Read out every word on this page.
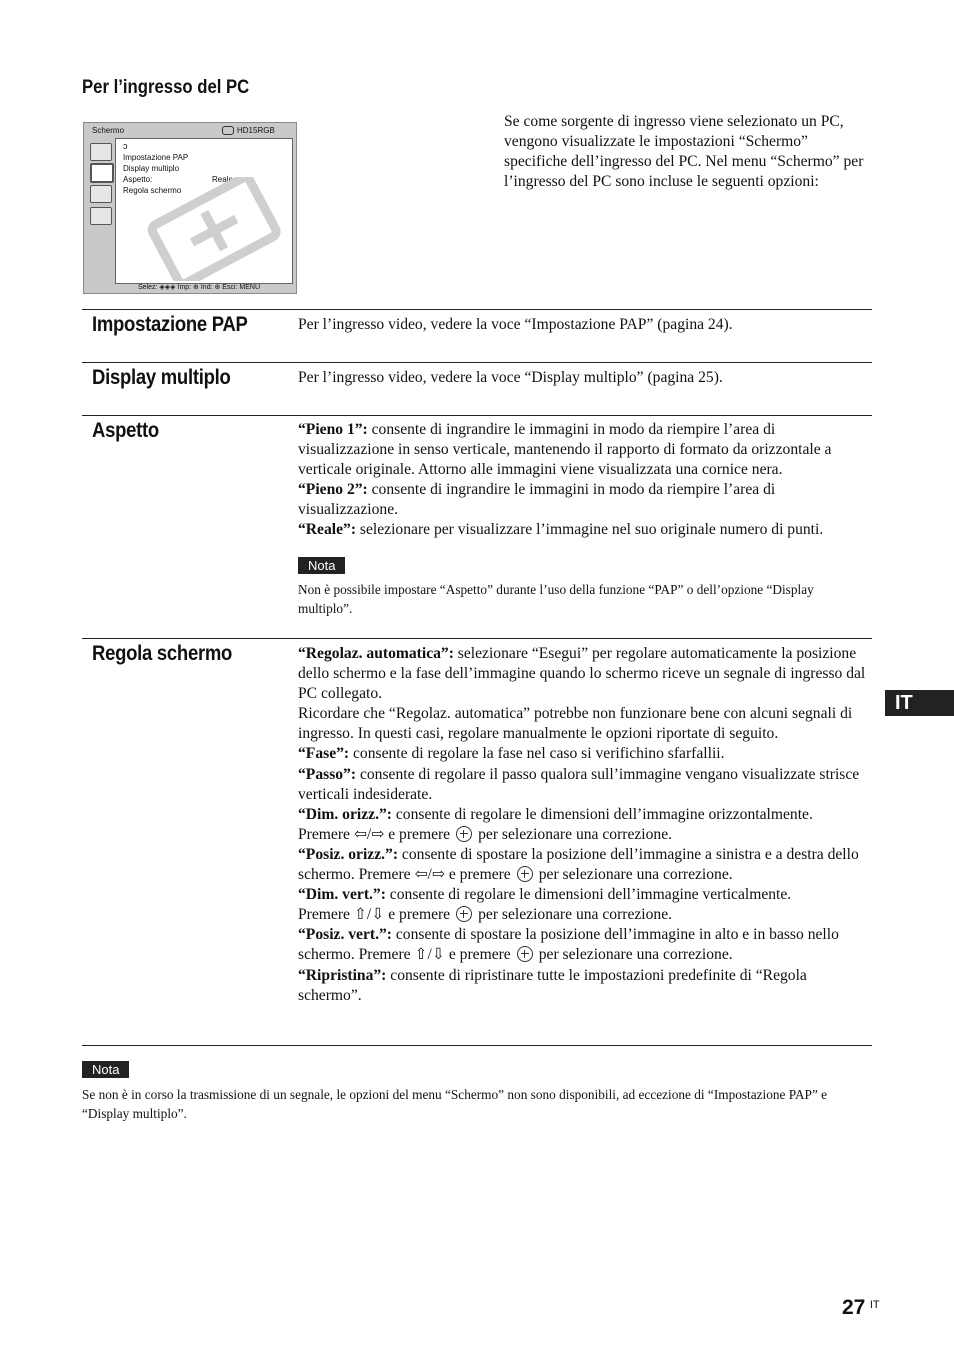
Per l’ingresso del PC
Schermo	HD15RGB
ↄ
Impostazione PAP
Display multiplo
Aspetto:	Reale
Regola schermo
Selez: ◈◈◈ Imp: ⊕ Ind: ⊕ Esci: MENU
Se come sorgente di ingresso viene selezionato un PC, vengono visualizzate le impostazioni “Schermo” specifiche dell’ingresso del PC. Nel menu “Schermo” per l’ingresso del PC sono incluse le seguenti opzioni:
Impostazione PAP	Per l’ingresso video, vedere la voce “Impostazione PAP” (pagina 24).
Display multiplo	Per l’ingresso video, vedere la voce “Display multiplo” (pagina 25).
Aspetto	“Pieno 1”: consente di ingrandire le immagini in modo da riempire l’area di visualizzazione in senso verticale, mantenendo il rapporto di formato da orizzontale a verticale originale. Attorno alle immagini viene visualizzata una cornice nera.
“Pieno 2”: consente di ingrandire le immagini in modo da riempire l’area di visualizzazione.
“Reale”: selezionare per visualizzare l’immagine nel suo originale numero di punti.
Nota
Non è possibile impostare “Aspetto” durante l’uso della funzione “PAP” o dell’opzione “Display multiplo”.
Regola schermo	“Regolaz. automatica”: selezionare “Esegui” per regolare automaticamente la posizione dello schermo e la fase dell’immagine quando lo schermo riceve un segnale di ingresso dal PC collegato.
Ricordare che “Regolaz. automatica” potrebbe non funzionare bene con alcuni segnali di ingresso. In questi casi, regolare manualmente le opzioni riportate di seguito.
“Fase”: consente di regolare la fase nel caso si verifichino sfarfallii.
“Passo”: consente di regolare il passo qualora sull’immagine vengano visualizzate strisce verticali indesiderate.
“Dim. orizz.”: consente di regolare le dimensioni dell’immagine orizzontalmente.
Premere ⇦/⇨ e premere per selezionare una correzione.
“Posiz. orizz.”: consente di spostare la posizione dell’immagine a sinistra e a destra dello schermo. Premere ⇦/⇨ e premere per selezionare una correzione.
“Dim. vert.”: consente di regolare le dimensioni dell’immagine verticalmente.
Premere ⇧/⇩ e premere per selezionare una correzione.
“Posiz. vert.”: consente di spostare la posizione dell’immagine in alto e in basso nello schermo. Premere ⇧/⇩ e premere per selezionare una correzione.
“Ripristina”: consente di ripristinare tutte le impostazioni predefinite di “Regola schermo”.
Nota
Se non è in corso la trasmissione di un segnale, le opzioni del menu “Schermo” non sono disponibili, ad eccezione di “Impostazione PAP” e “Display multiplo”.
IT
27 $^{IT}$
